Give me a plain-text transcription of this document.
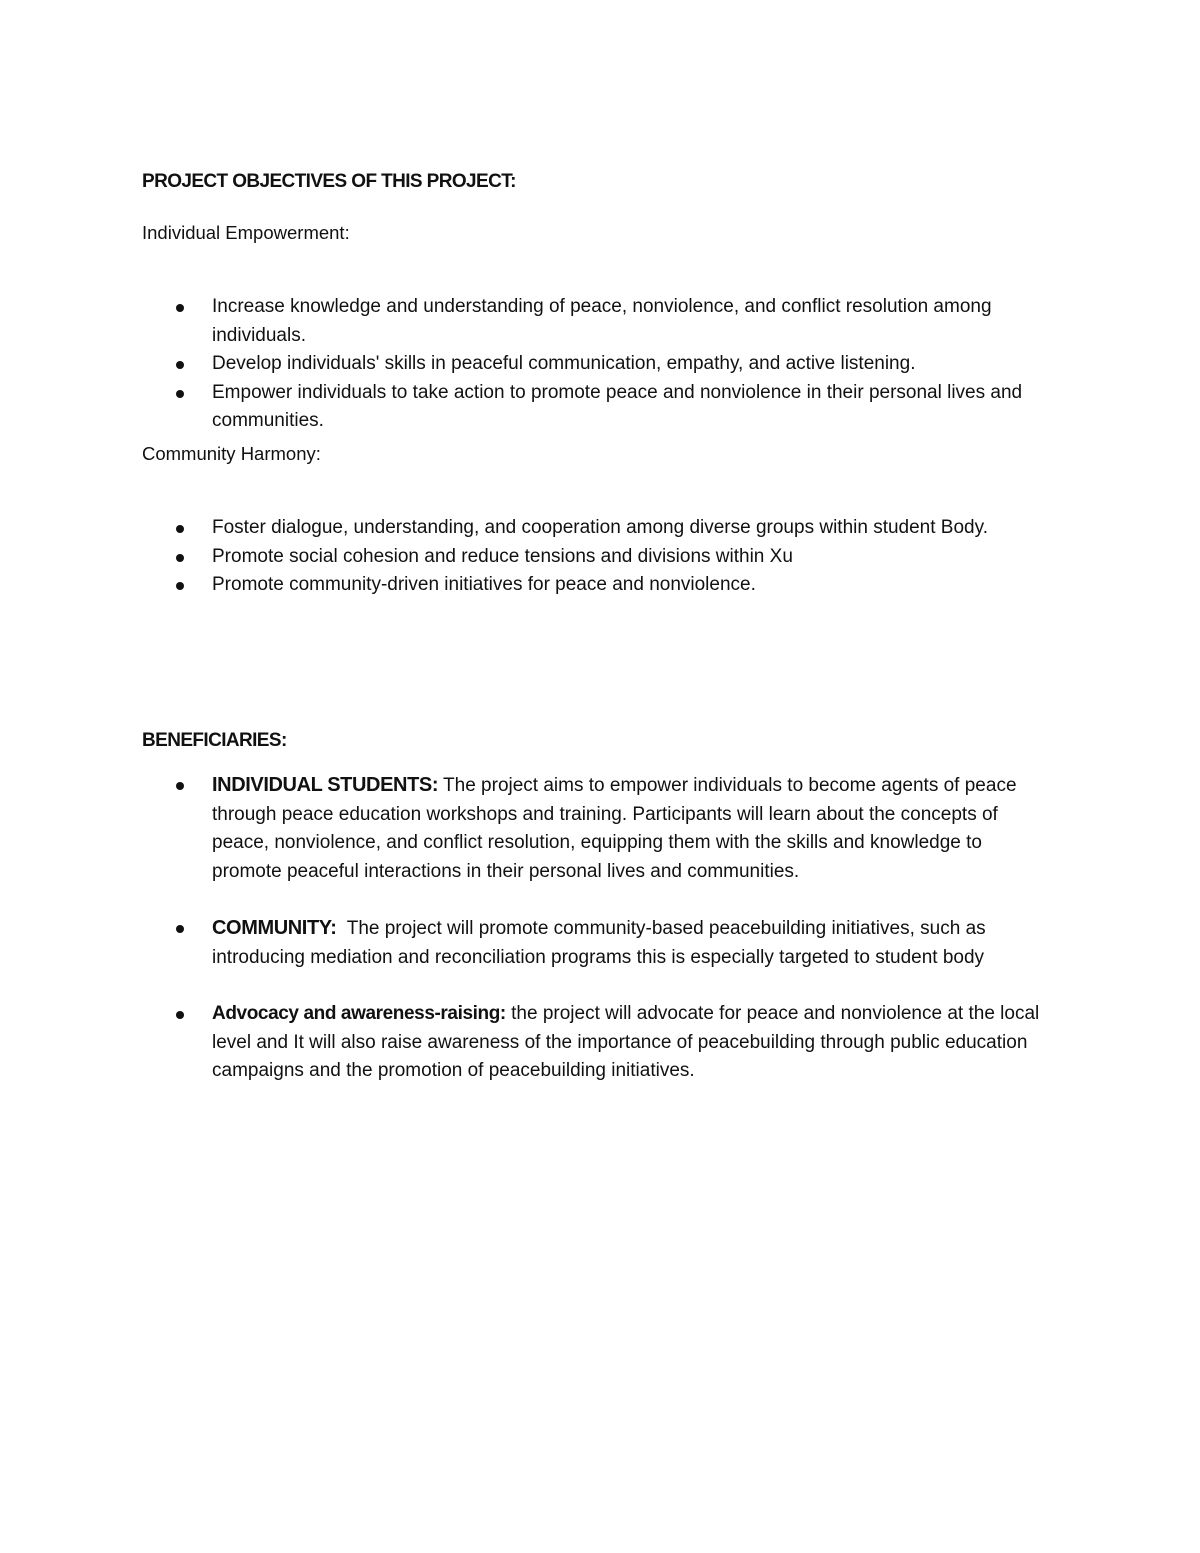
PROJECT OBJECTIVES OF THIS PROJECT:

Individual Empowerment:

Increase knowledge and understanding of peace, nonviolence, and conflict resolution among individuals.
Develop individuals' skills in peaceful communication, empathy, and active listening.
Empower individuals to take action to promote peace and nonviolence in their personal lives and communities.

Community Harmony:

Foster dialogue, understanding, and cooperation among diverse groups within student Body.
Promote social cohesion and reduce tensions and divisions within Xu
Promote community-driven initiatives for peace and nonviolence.

BENEFICIARIES:

INDIVIDUAL STUDENTS: The project aims to empower individuals to become agents of peace through peace education workshops and training. Participants will learn about the concepts of peace, nonviolence, and conflict resolution, equipping them with the skills and knowledge to promote peaceful interactions in their personal lives and communities.
COMMUNITY:  The project will promote community-based peacebuilding initiatives, such as introducing mediation and reconciliation programs this is especially targeted to student body
Advocacy and awareness-raising: the project will advocate for peace and nonviolence at the local level and It will also raise awareness of the importance of peacebuilding through public education campaigns and the promotion of peacebuilding initiatives.
